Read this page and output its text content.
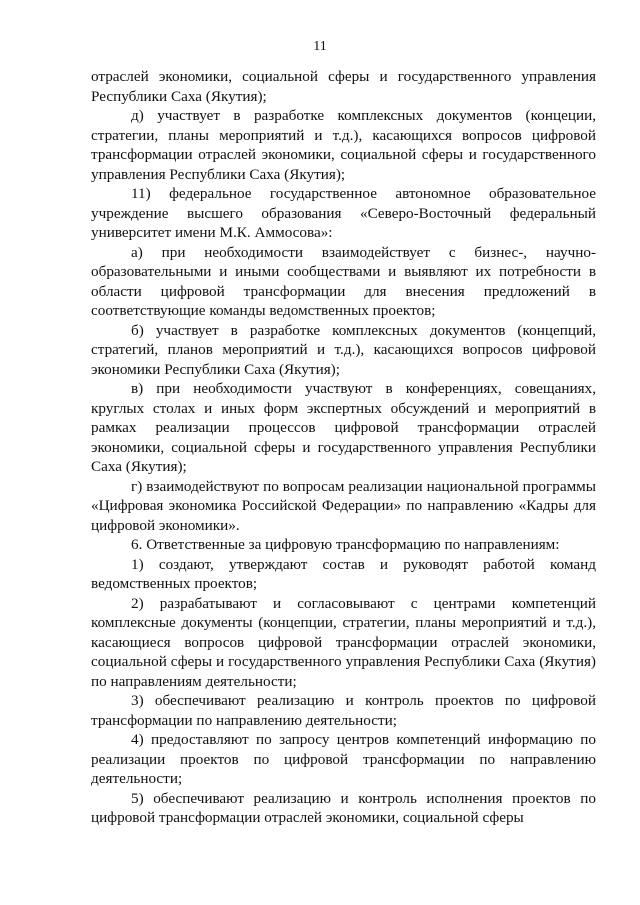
11

отраслей экономики, социальной сферы и государственного управления Республики Саха (Якутия);

д) участвует в разработке комплексных документов (концеции, стратегии, планы мероприятий и т.д.), касающихся вопросов цифровой трансформации отраслей экономики, социальной сферы и государственного управления Республики Саха (Якутия);

11) федеральное государственное автономное образовательное учреждение высшего образования «Северо-Восточный федеральный университет имени М.К. Аммосова»:

а) при необходимости взаимодействует с бизнес-, научно-образовательными и иными сообществами и выявляют их потребности в области цифровой трансформации для внесения предложений в соответствующие команды ведомственных проектов;

б) участвует в разработке комплексных документов (концепций, стратегий, планов мероприятий и т.д.), касающихся вопросов цифровой экономики Республики Саха (Якутия);

в) при необходимости участвуют в конференциях, совещаниях, круглых столах и иных форм экспертных обсуждений и мероприятий в рамках реализации процессов цифровой трансформации отраслей экономики, социальной сферы и государственного управления Республики Саха (Якутия);

г) взаимодействуют по вопросам реализации национальной программы «Цифровая экономика Российской Федерации» по направлению «Кадры для цифровой экономики».

6. Ответственные за цифровую трансформацию по направлениям:

1) создают, утверждают состав и руководят работой команд ведомственных проектов;

2) разрабатывают и согласовывают с центрами компетенций комплексные документы (концепции, стратегии, планы мероприятий и т.д.), касающиеся вопросов цифровой трансформации отраслей экономики, социальной сферы и государственного управления Республики Саха (Якутия) по направлениям деятельности;

3) обеспечивают реализацию и контроль проектов по цифровой трансформации по направлению деятельности;

4) предоставляют по запросу центров компетенций информацию по реализации проектов по цифровой трансформации по направлению деятельности;

5) обеспечивают реализацию и контроль исполнения проектов по цифровой трансформации отраслей экономики, социальной сферы
